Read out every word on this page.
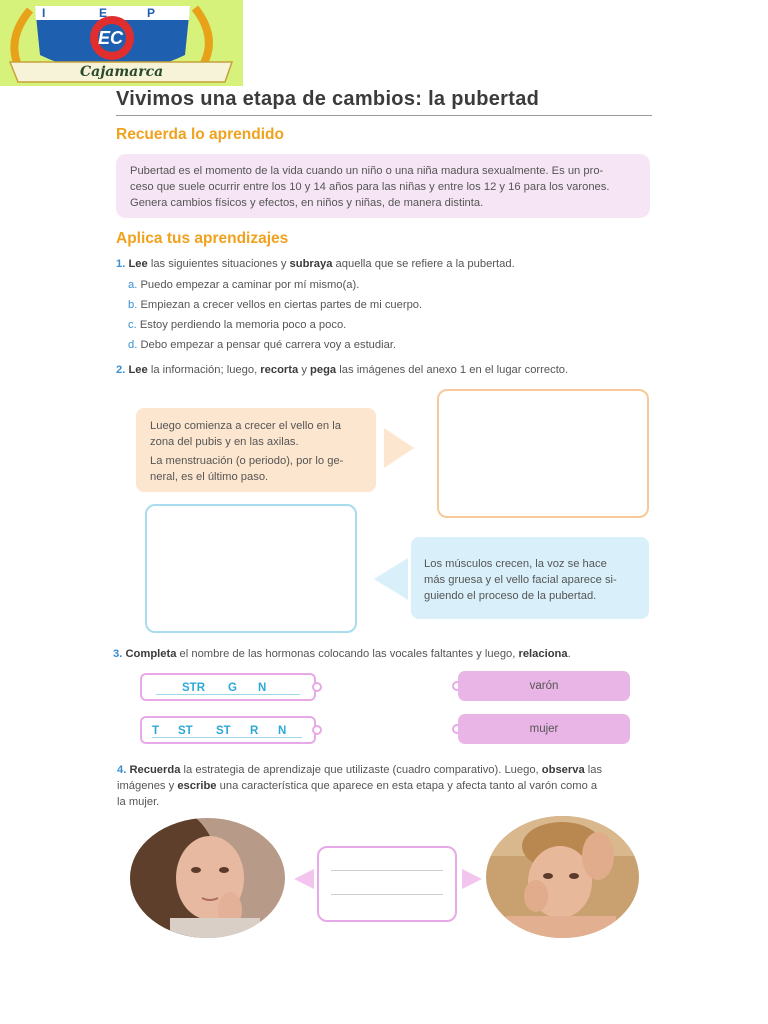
I E	P
EC
Cajamarca
Vivimos una etapa de cambios: la pubertad
Recuerda lo aprendido
Pubertad es el momento de la vida cuando un niño o una niña madura sexualmente. Es un pro-
ceso que suele ocurrir entre los 10 y 14 años para las niñas y entre los 12 y 16 para los varones.
Genera cambios físicos y efectos, en niños y niñas, de manera distinta.
Aplica tus aprendizajes
1. Lee las siguientes situaciones y subraya aquella que se refiere a la pubertad.
a. Puedo empezar a caminar por mí mismo(a).
b. Empiezan a crecer vellos en ciertas partes de mi cuerpo.
c. Estoy perdiendo la memoria poco a poco.
d. Debo empezar a pensar qué carrera voy a estudiar.
2. Lee la información; luego, recorta y pega las imágenes del anexo 1 en el lugar correcto.
Luego comienza a crecer el vello en la
zona del pubis y en las axilas.
La menstruación (o periodo), por lo ge-
neral, es el último paso.
Los músculos crecen, la voz se hace
más gruesa y el vello facial aparece si-
guiendo el proceso de la pubertad.
3. Completa el nombre de las hormonas colocando las vocales faltantes y luego, relaciona.
STR G N
T ST ST R N
varón
mujer
4. Recuerda la estrategia de aprendizaje que utilizaste (cuadro comparativo). Luego, observa las
imágenes y escribe una característica que aparece en esta etapa y afecta tanto al varón como a
la mujer.
